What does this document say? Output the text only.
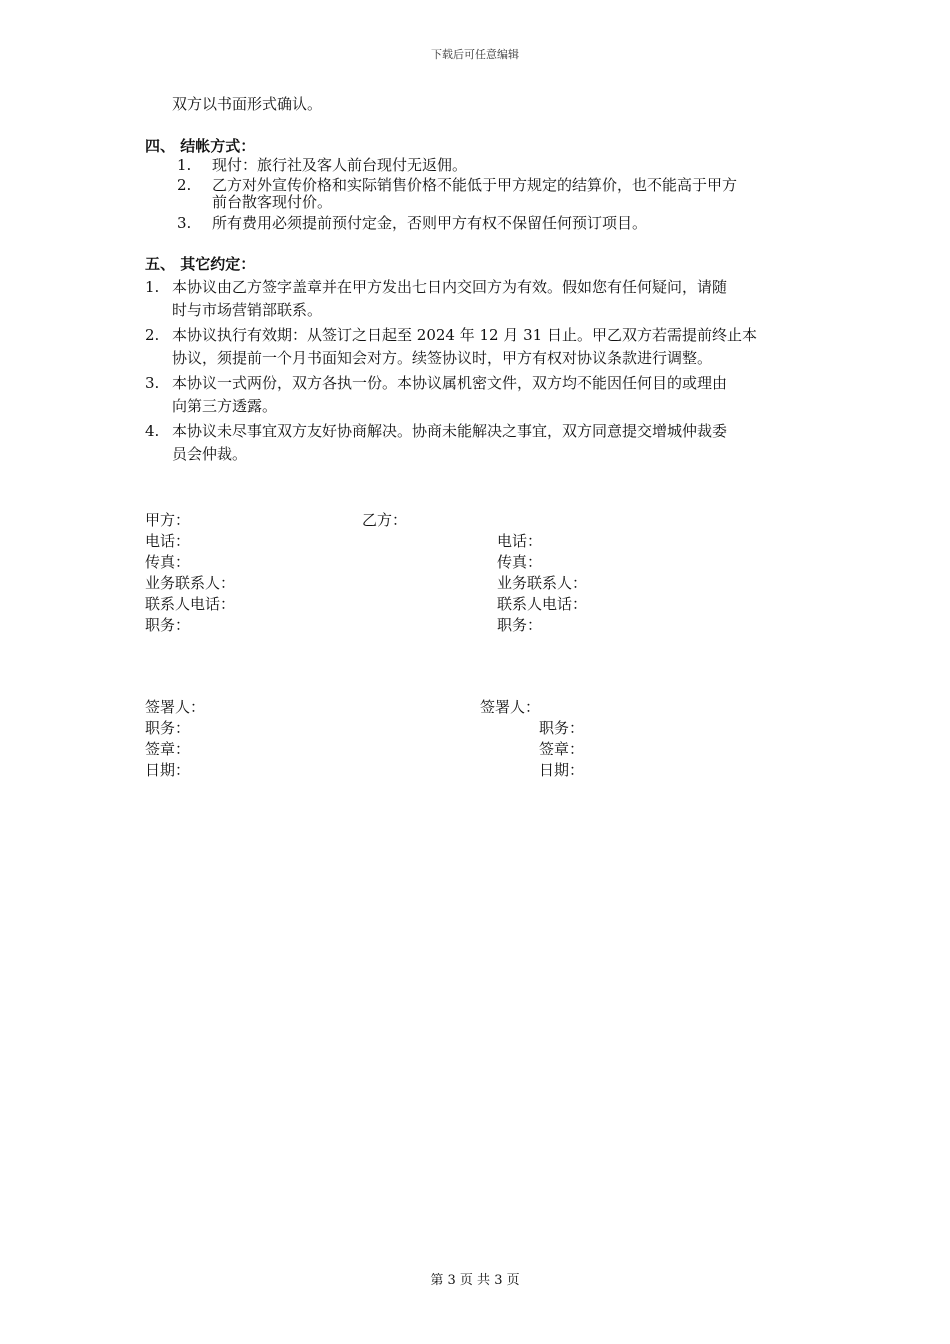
下载后可任意编辑
双方以书面形式确认。
四、 结帐方式：
1. 现付：旅行社及客人前台现付无返佣。
2. 乙方对外宣传价格和实际销售价格不能低于甲方规定的结算价，也不能高于甲方
前台散客现付价。
3. 所有费用必须提前预付定金，否则甲方有权不保留任何预订项目。
五、 其它约定：
1. 本协议由乙方签字盖章并在甲方发出七日内交回方为有效。假如您有任何疑问，请随
时与市场营销部联系。
2. 本协议执行有效期：从签订之日起至 2024 年 12 月 31 日止。甲乙双方若需提前终止本
协议，须提前一个月书面知会对方。续签协议时，甲方有权对协议条款进行调整。
3. 本协议一式两份，双方各执一份。本协议属机密文件，双方均不能因任何目的或理由
向第三方透露。
4. 本协议未尽事宜双方友好协商解决。协商未能解决之事宜，双方同意提交增城仲裁委
员会仲裁。
甲方：	乙方：
电话：
传真：
业务联系人：
联系人电话：
职务：
电话：
传真：
业务联系人：
联系人电话：
职务：
签署人：
职务：
签章：
日期：
签署人：
职务：
签章：
日期：
第 3 页 共 3 页
